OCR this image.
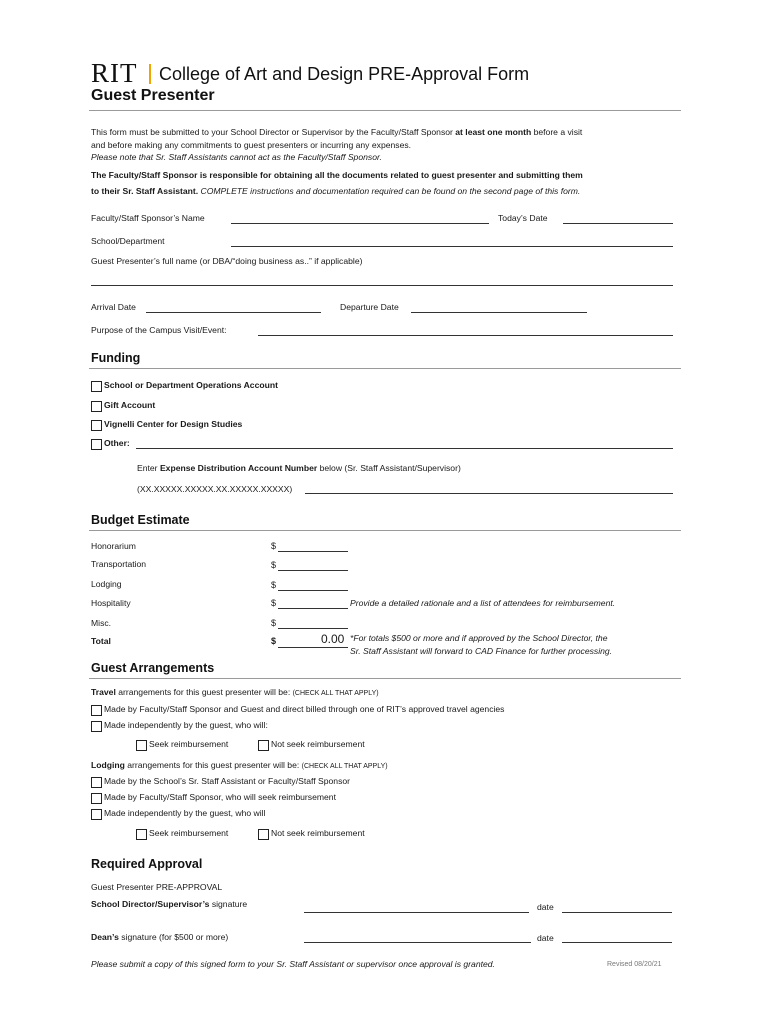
RIT College of Art and Design PRE-Approval Form
Guest Presenter
This form must be submitted to your School Director or Supervisor by the Faculty/Staff Sponsor at least one month before a visit
and before making any commitments to guest presenters or incurring any expenses.
Please note that Sr. Staff Assistants cannot act as the Faculty/Staff Sponsor.
The Faculty/Staff Sponsor is responsible for obtaining all the documents related to guest presenter and submitting them
to their Sr. Staff Assistant. COMPLETE instructions and documentation required can be found on the second page of this form.
Faculty/Staff Sponsor’s Name	Today’s Date
School/Department
Guest Presenter’s full name (or DBA/“doing business as..” if applicable)
Arrival Date	Departure Date
Purpose of the Campus Visit/Event:
Funding
School or Department Operations Account
Gift Account
Vignelli Center for Design Studies
Other:
Enter Expense Distribution Account Number below (Sr. Staff Assistant/Supervisor)
(XX.XXXXX.XXXXX.XX.XXXXX.XXXXX)
Budget Estimate
Honorarium	$
Transportation	$
Lodging	$
Hospitality	$	Provide a detailed rationale and a list of attendees for reimbursement.
Misc.	$
Total	$	0.00 *For totals $500 or more and if approved by the School Director, the
Sr. Staff Assistant will forward to CAD Finance for further processing.
Guest Arrangements
Travel arrangements for this guest presenter will be: (CHECK ALL THAT APPLY)
Made by Faculty/Staff Sponsor and Guest and direct billed through one of RIT’s approved travel agencies
Made independently by the guest, who will:
Seek reimbursement	Not seek reimbursement
Lodging arrangements for this guest presenter will be: (CHECK ALL THAT APPLY)
Made by the School’s Sr. Staff Assistant or Faculty/Staff Sponsor
Made by Faculty/Staff Sponsor, who will seek reimbursement
Made independently by the guest, who will
Seek reimbursement	Not seek reimbursement
Required Approval
Guest Presenter PRE-APPROVAL
School Director/Supervisor’s signature	date
Dean’s signature (for $500 or more)	date
Please submit a copy of this signed form to your Sr. Staff Assistant or supervisor once approval is granted.	Revised 08/20/21
